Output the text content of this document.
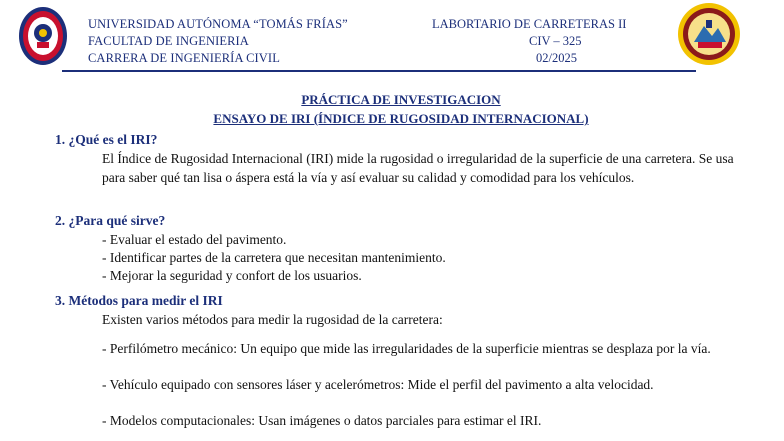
UNIVERSIDAD AUTÓNOMA “TOMÁS FRÍAS”
FACULTAD DE INGENIERIA
CARRERA DE INGENIERÍA CIVIL
LABORTARIO DE CARRETERAS II
CIV – 325
02/2025
PRÁCTICA DE INVESTIGACION
ENSAYO DE IRI (ÍNDICE DE RUGOSIDAD INTERNACIONAL)
1. ¿Qué es el IRI?
El Índice de Rugosidad Internacional (IRI) mide la rugosidad o irregularidad de la superficie de una carretera. Se usa para saber qué tan lisa o áspera está la vía y así evaluar su calidad y comodidad para los vehículos.
2. ¿Para qué sirve?
- Evaluar el estado del pavimento.
- Identificar partes de la carretera que necesitan mantenimiento.
- Mejorar la seguridad y confort de los usuarios.
3. Métodos para medir el IRI
Existen varios métodos para medir la rugosidad de la carretera:
- Perfilómetro mecánico: Un equipo que mide las irregularidades de la superficie mientras se desplaza por la vía.
- Vehículo equipado con sensores láser y acelerómetros: Mide el perfil del pavimento a alta velocidad.
- Modelos computacionales: Usan imágenes o datos parciales para estimar el IRI.
